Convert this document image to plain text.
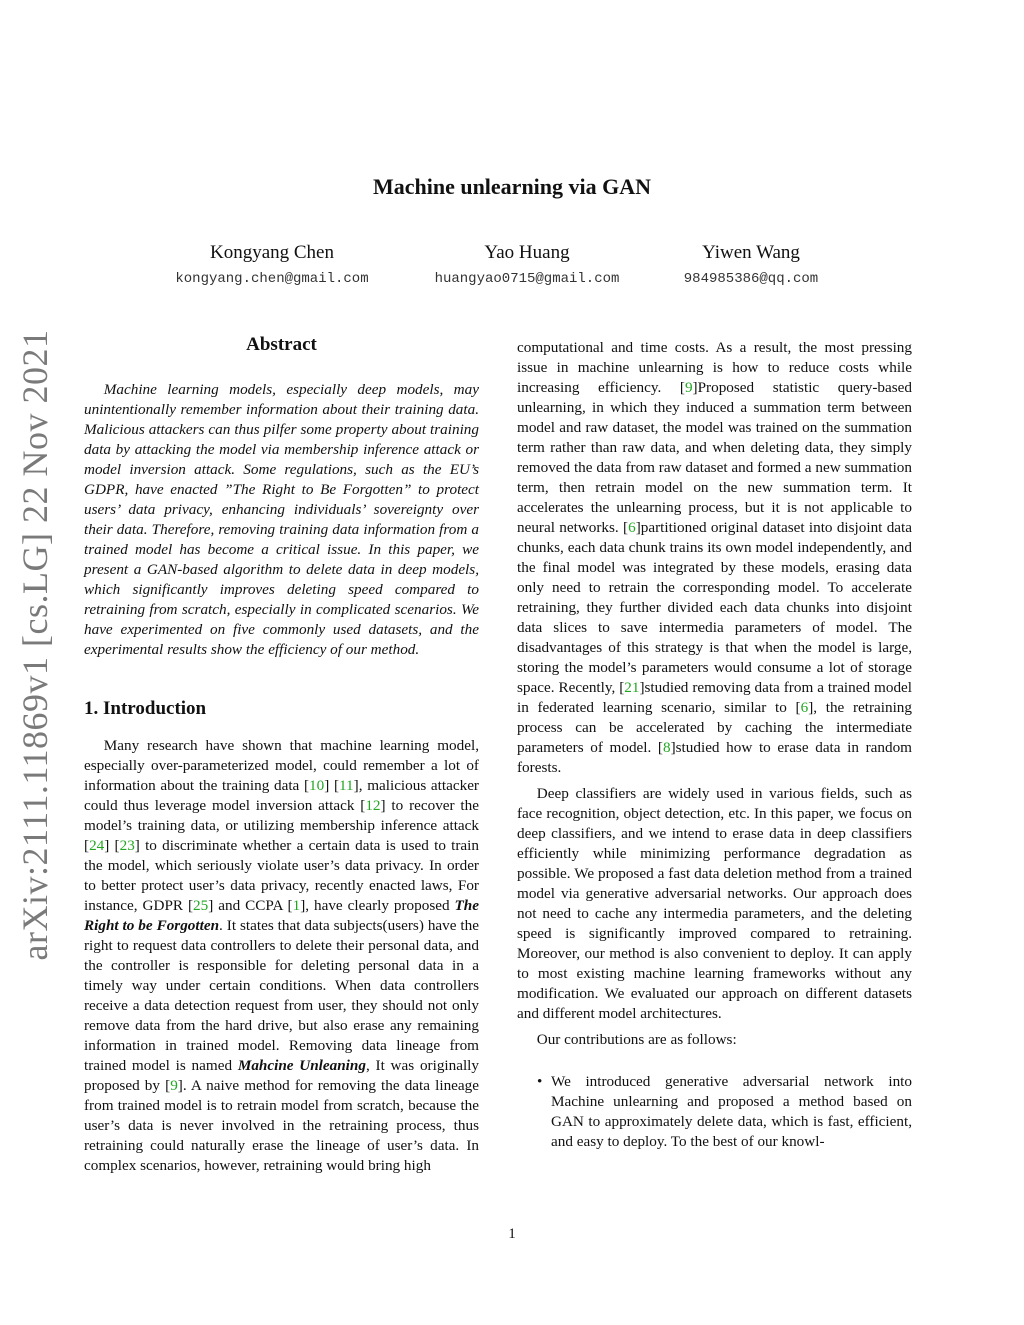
arXiv:2111.11869v1 [cs.LG] 22 Nov 2021
Machine unlearning via GAN
Kongyang Chen
kongyang.chen@gmail.com
Yao Huang
huangyao0715@gmail.com
Yiwen Wang
984985386@qq.com
Abstract

Machine learning models, especially deep models, may unintentionally remember information about their training data. Malicious attackers can thus pilfer some property about training data by attacking the model via membership inference attack or model inversion attack. Some regulations, such as the EU’s GDPR, have enacted ”The Right to Be Forgotten” to protect users’ data privacy, enhancing individuals’ sovereignty over their data. Therefore, removing training data information from a trained model has become a critical issue. In this paper, we present a GAN-based algorithm to delete data in deep models, which significantly improves deleting speed compared to retraining from scratch, especially in complicated scenarios. We have experimented on five commonly used datasets, and the experimental results show the efficiency of our method.

1. Introduction

Many research have shown that machine learning model, especially over-parameterized model, could remember a lot of information about the training data [10] [11], malicious attacker could thus leverage model inversion attack [12] to recover the model’s training data, or utilizing membership inference attack [24] [23] to discriminate whether a certain data is used to train the model, which seriously violate user’s data privacy. In order to better protect user’s data privacy, recently enacted laws, For instance, GDPR [25] and CCPA [1], have clearly proposed The Right to be Forgotten. It states that data subjects(users) have the right to request data controllers to delete their personal data, and the controller is responsible for deleting personal data in a timely way under certain conditions. When data controllers receive a data detection request from user, they should not only remove data from the hard drive, but also erase any remaining information in trained model. Removing data lineage from trained model is named Mahcine Unleaning, It was originally proposed by [9]. A naive method for removing the data lineage from trained model is to retrain model from scratch, because the user’s data is never involved in the retraining process, thus retraining could naturally erase the lineage of user’s data. In complex scenarios, however, retraining would bring high

computational and time costs. As a result, the most pressing issue in machine unlearning is how to reduce costs while increasing efficiency. [9]Proposed statistic query-based unlearning, in which they induced a summation term between model and raw dataset, the model was trained on the summation term rather than raw data, and when deleting data, they simply removed the data from raw dataset and formed a new summation term, then retrain model on the new summation term. It accelerates the unlearning process, but it is not applicable to neural networks. [6]partitioned original dataset into disjoint data chunks, each data chunk trains its own model independently, and the final model was integrated by these models, erasing data only need to retrain the corresponding model. To accelerate retraining, they further divided each data chunks into disjoint data slices to save intermedia parameters of model. The disadvantages of this strategy is that when the model is large, storing the model’s parameters would consume a lot of storage space. Recently, [21]studied removing data from a trained model in federated learning scenario, similar to [6], the retraining process can be accelerated by caching the intermediate parameters of model. [8]studied how to erase data in random forests.

Deep classifiers are widely used in various fields, such as face recognition, object detection, etc. In this paper, we focus on deep classifiers, and we intend to erase data in deep classifiers efficiently while minimizing performance degradation as possible. We proposed a fast data deletion method from a trained model via generative adversarial networks. Our approach does not need to cache any intermedia parameters, and the deleting speed is significantly improved compared to retraining. Moreover, our method is also convenient to deploy. It can apply to most existing machine learning frameworks without any modification. We evaluated our approach on different datasets and different model architectures.

Our contributions are as follows:

• We introduced generative adversarial network into Machine unlearning and proposed a method based on GAN to approximately delete data, which is fast, efficient, and easy to deploy. To the best of our knowl-
1
